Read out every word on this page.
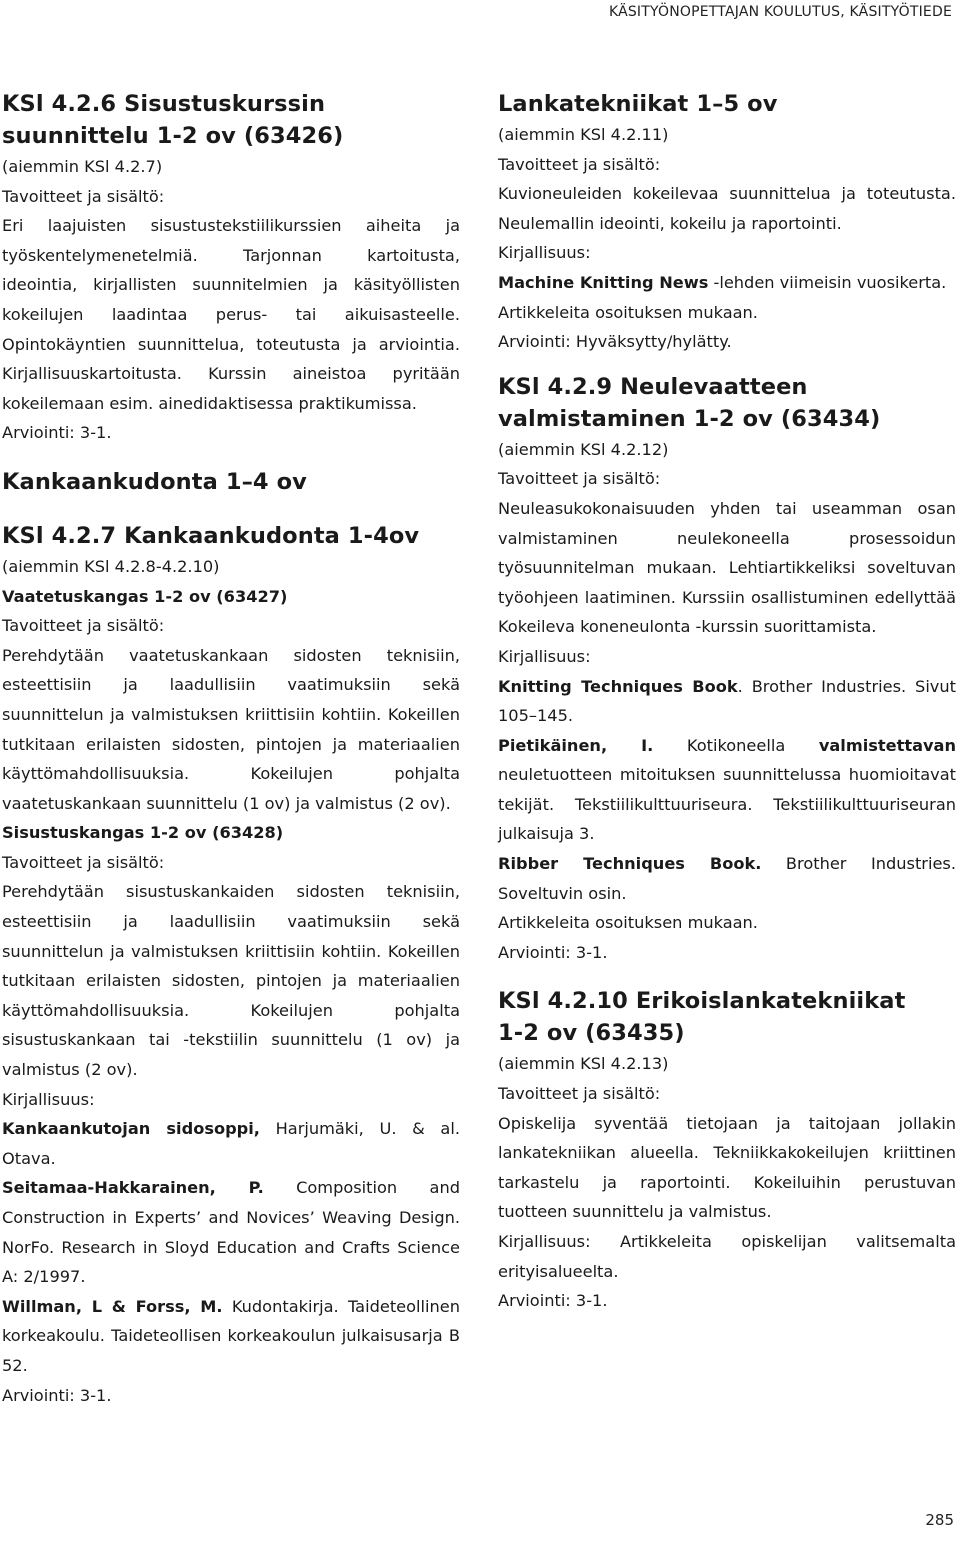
KÄSITYÖNOPETTAJAN KOULUTUS, KÄSITYÖTIEDE
KSl 4.2.6 Sisustuskurssin
suunnittelu 1-2 ov (63426)

(aiemmin KSl 4.2.7)

Tavoitteet ja sisältö:

Eri laajuisten sisustustekstiilikurssien aiheita ja työskentelymenetelmiä. Tarjonnan kartoitusta, ideointia, kirjallisten suunnitelmien ja käsityöllisten kokeilujen laadintaa perus- tai aikuisasteelle. Opintokäyntien suunnittelua, toteutusta ja arviointia. Kirjallisuuskartoitusta. Kurssin aineistoa pyritään kokeilemaan esim. ainedidaktisessa praktikumissa.

Arviointi: 3-1.

Kankaankudonta 1–4 ov
KSl 4.2.7 Kankaankudonta 1-4ov

(aiemmin KSl 4.2.8-4.2.10)

Vaatetuskangas 1-2 ov (63427)

Tavoitteet ja sisältö:

Perehdytään vaatetuskankaan sidosten teknisiin, esteettisiin ja laadullisiin vaatimuksiin sekä suunnittelun ja valmistuksen kriittisiin kohtiin. Kokeillen tutkitaan erilaisten sidosten, pintojen ja materiaalien käyttömahdollisuuksia. Kokeilujen pohjalta vaatetuskankaan suunnittelu (1 ov) ja valmistus (2 ov).

Sisustuskangas 1-2 ov (63428)

Tavoitteet ja sisältö:

Perehdytään sisustuskankaiden sidosten teknisiin, esteettisiin ja laadullisiin vaatimuksiin sekä suunnittelun ja valmistuksen kriittisiin kohtiin. Kokeillen tutkitaan erilaisten sidosten, pintojen ja materiaalien käyttömahdollisuuksia. Kokeilujen pohjalta sisustuskankaan tai -tekstiilin suunnittelu (1 ov) ja valmistus (2 ov).

Kirjallisuus:

Kankaankutojan sidosoppi, Harjumäki, U. & al. Otava.

Seitamaa-Hakkarainen, P. Composition and Construction in Experts’ and Novices’ Weaving Design. NorFo. Research in Sloyd Education and Crafts Science A: 2/1997.

Willman, L & Forss, M. Kudontakirja. Taideteollinen korkeakoulu. Taideteollisen korkeakoulun julkaisusarja B 52.

Arviointi: 3-1.

Lankatekniikat 1–5 ov

(aiemmin KSl 4.2.11)

Tavoitteet ja sisältö:

Kuvioneuleiden kokeilevaa suunnittelua ja toteutusta. Neulemallin ideointi, kokeilu ja raportointi.

Kirjallisuus:

Machine Knitting News -lehden viimeisin vuosikerta.

Artikkeleita osoituksen mukaan.

Arviointi: Hyväksytty/hylätty.

KSl 4.2.9 Neulevaatteen
valmistaminen 1-2 ov (63434)

(aiemmin KSl 4.2.12)

Tavoitteet ja sisältö:

Neuleasukokonaisuuden yhden tai useamman osan valmistaminen neulekoneella prosessoidun työsuunnitelman mukaan. Lehtiartikkeliksi soveltuvan työohjeen laatiminen. Kurssiin osallistuminen edellyttää Kokeileva koneneulonta -kurssin suorittamista.

Kirjallisuus:

Knitting Techniques Book. Brother Industries. Sivut 105–145.

Pietikäinen, I. Kotikoneella valmistettavan neuletuotteen mitoituksen suunnittelussa huomioitavat tekijät. Tekstiilikulttuuriseura. Tekstiilikulttuuriseuran julkaisuja 3.

Ribber Techniques Book. Brother Industries. Soveltuvin osin.

Artikkeleita osoituksen mukaan.

Arviointi: 3-1.

KSl 4.2.10 Erikoislankatekniikat
1-2 ov (63435)

(aiemmin KSl 4.2.13)

Tavoitteet ja sisältö:

Opiskelija syventää tietojaan ja taitojaan jollakin lankatekniikan alueella. Tekniikkakokeilujen kriittinen tarkastelu ja raportointi. Kokeiluihin perustuvan tuotteen suunnittelu ja valmistus.

Kirjallisuus: Artikkeleita opiskelijan valitsemalta erityisalueelta.

Arviointi: 3-1.

285
